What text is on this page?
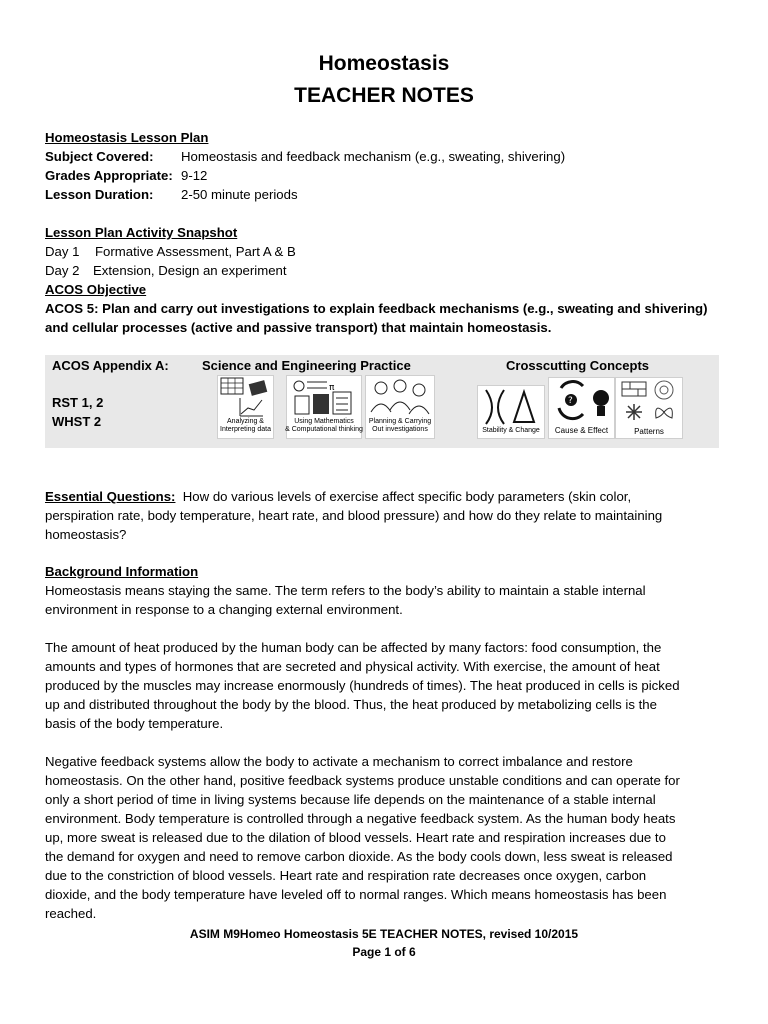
Homeostasis
TEACHER NOTES
Homeostasis Lesson Plan
Subject Covered: Homeostasis and feedback mechanism (e.g., sweating, shivering)
Grades Appropriate: 9-12
Lesson Duration: 2-50 minute periods
Lesson Plan Activity Snapshot
Day 1 Formative Assessment, Part A & B
Day 2 Extension, Design an experiment
ACOS Objective
ACOS 5: Plan and carry out investigations to explain feedback mechanisms (e.g., sweating and shivering)
and cellular processes (active and passive transport) that maintain homeostasis.
ACOS Appendix A:	Science and Engineering Practice	Crosscutting Concepts
RST 1, 2
WHST 2	Analyzing &
Interpreting data
π
Using Mathematics
& Computational thinking
Planning & Carrying
Out investigations	Stability & Change
?
Cause & Effect	Patterns
Essential Questions: How do various levels of exercise affect specific body parameters (skin color,
perspiration rate, body temperature, heart rate, and blood pressure) and how do they relate to maintaining
homeostasis?
Background Information
Homeostasis means staying the same. The term refers to the body’s ability to maintain a stable internal
environment in response to a changing external environment.
The amount of heat produced by the human body can be affected by many factors: food consumption, the
amounts and types of hormones that are secreted and physical activity. With exercise, the amount of heat
produced by the muscles may increase enormously (hundreds of times). The heat produced in cells is picked
up and distributed throughout the body by the blood. Thus, the heat produced by metabolizing cells is the
basis of the body temperature.
Negative feedback systems allow the body to activate a mechanism to correct imbalance and restore
homeostasis. On the other hand, positive feedback systems produce unstable conditions and can operate for
only a short period of time in living systems because life depends on the maintenance of a stable internal
environment. Body temperature is controlled through a negative feedback system. As the human body heats
up, more sweat is released due to the dilation of blood vessels. Heart rate and respiration increases due to
the demand for oxygen and need to remove carbon dioxide. As the body cools down, less sweat is released
due to the constriction of blood vessels. Heart rate and respiration rate decreases once oxygen, carbon
dioxide, and the body temperature have leveled off to normal ranges. Which means homeostasis has been
reached.
ASIM M9Homeo Homeostasis 5E TEACHER NOTES, revised 10/2015
Page 1 of 6
